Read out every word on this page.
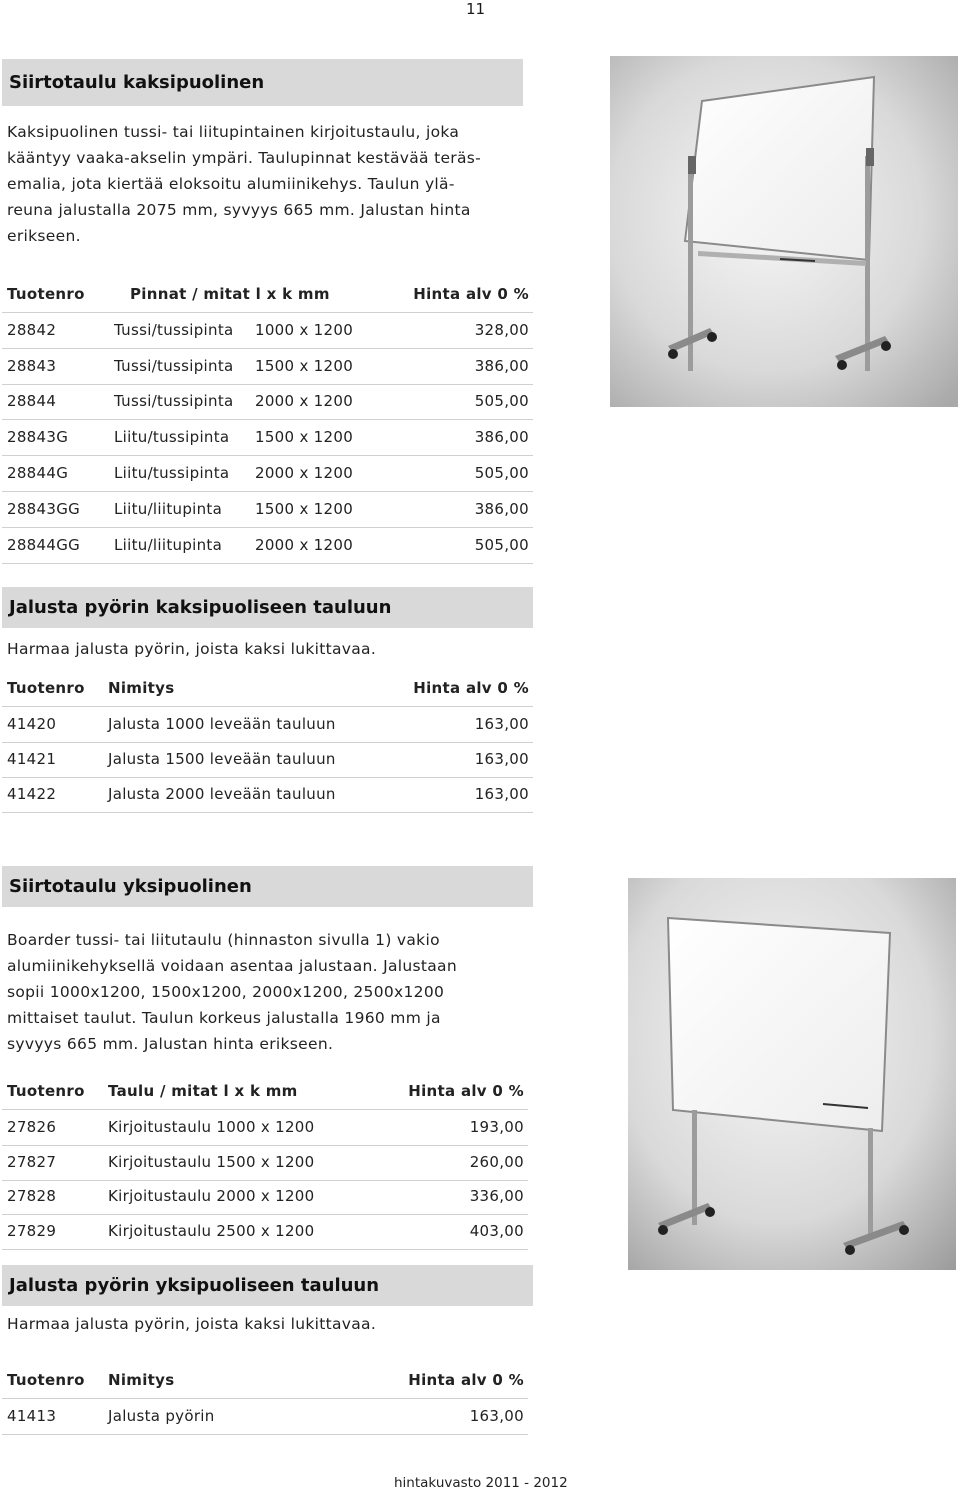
11
Siirtotaulu kaksipuolinen
Kaksipuolinen tussi- tai liitupintainen kirjoitustaulu, joka
kääntyy vaaka-akselin ympäri. Taulupinnat kestävää teräs-
emalia, jota kiertää eloksoitu alumiinikehys. Taulun ylä-
reuna jalustalla 2075 mm, syvyys 665 mm. Jalustan hinta
erikseen.
Tuotenro	Pinnat / mitat l x k mm	Hinta alv 0 %
28842	Tussi/tussipinta 1000 x 1200	328,00
28843	Tussi/tussipinta 1500 x 1200	386,00
28844	Tussi/tussipinta 2000 x 1200	505,00
28843G	Liitu/tussipinta 1500 x 1200	386,00
28844G	Liitu/tussipinta 2000 x 1200	505,00
28843GG Liitu/liitupinta 1500 x 1200	386,00
28844GG Liitu/liitupinta 2000 x 1200	505,00
Jalusta pyörin kaksipuoliseen tauluun
Harmaa jalusta pyörin, joista kaksi lukittavaa.
Tuotenro Nimitys	Hinta alv 0 %
41420	Jalusta 1000 leveään tauluun	163,00
41421	Jalusta 1500 leveään tauluun	163,00
41422	Jalusta 2000 leveään tauluun	163,00
Siirtotaulu yksipuolinen
Boarder tussi- tai liitutaulu (hinnaston sivulla 1) vakio
alumiinikehyksellä voidaan asentaa jalustaan. Jalustaan
sopii 1000x1200, 1500x1200, 2000x1200, 2500x1200
mittaiset taulut. Taulun korkeus jalustalla 1960 mm ja
syvyys 665 mm. Jalustan hinta erikseen.
Tuotenro Taulu / mitat l x k mm	Hinta alv 0 %
27826	Kirjoitustaulu 1000 x 1200	193,00
27827	Kirjoitustaulu 1500 x 1200	260,00
27828	Kirjoitustaulu 2000 x 1200	336,00
27829	Kirjoitustaulu 2500 x 1200	403,00
Jalusta pyörin yksipuoliseen tauluun
Harmaa jalusta pyörin, joista kaksi lukittavaa.
Tuotenro Nimitys	Hinta alv 0 %
41413	Jalusta pyörin	163,00
hintakuvasto 2011 - 2012
